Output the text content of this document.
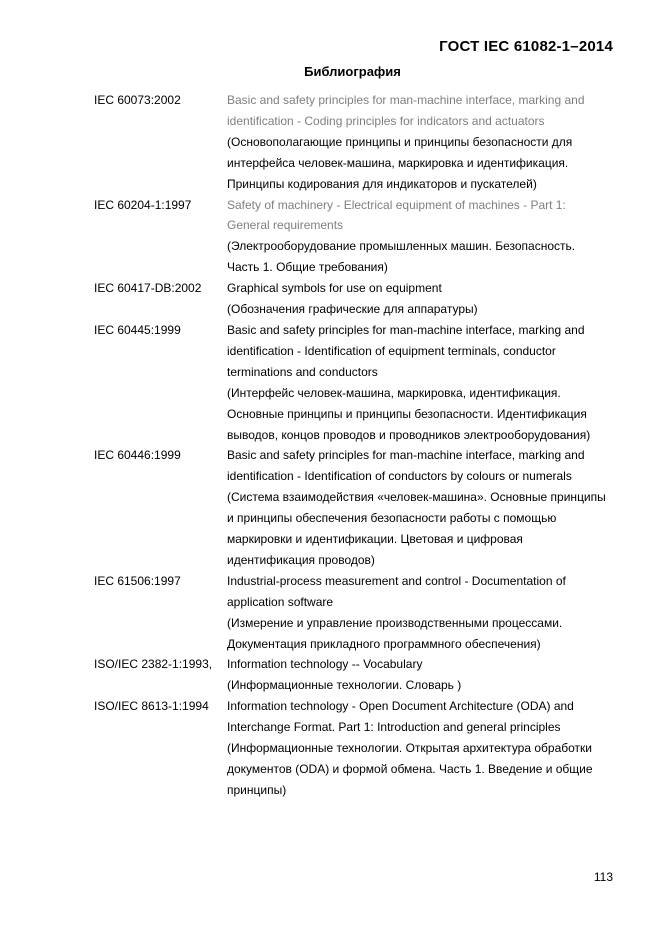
ГОСТ IEC 61082-1–2014
Библиография
IEC 60073:2002	Basic and safety principles for man-machine interface, marking and
identification - Coding principles for indicators and actuators
(Основополагающие принципы и принципы безопасности для
интерфейса человек-машина, маркировка и идентификация.
Принципы кодирования для индикаторов и пускателей)
IEC 60204-1:1997	Safety of machinery - Electrical equipment of machines - Part 1:
General requirements
(Электрооборудование промышленных машин. Безопасность.
Часть 1. Общие требования)
IEC 60417-DB:2002	Graphical symbols for use on equipment
(Обозначения графические для аппаратуры)
IEC 60445:1999	Basic and safety principles for man-machine interface, marking and
identification - Identification of equipment terminals, conductor
terminations and conductors
(Интерфейс человек-машина, маркировка, идентификация.
Основные принципы и принципы безопасности. Идентификация
выводов, концов проводов и проводников электрооборудования)
IEC 60446:1999	Basic and safety principles for man-machine interface, marking and
identification - Identification of conductors by colours or numerals
(Система взаимодействия «человек-машина». Основные принципы
и принципы обеспечения безопасности работы с помощью
маркировки и идентификации. Цветовая и цифровая
идентификация проводов)
IEC 61506:1997	Industrial-process measurement and control - Documentation of
application software
(Измерение и управление производственными процессами.
Документация прикладного программного обеспечения)
ISO/IEC 2382-1:1993,	Information technology -- Vocabulary
(Информационные технологии. Словарь )
ISO/IEC 8613-1:1994	Information technology - Open Document Architecture (ODA) and
Interchange Format. Part 1: Introduction and general principles
(Информационные технологии. Открытая архитектура обработки
документов (ODA) и формой обмена. Часть 1. Введение и общие
принципы)
113
